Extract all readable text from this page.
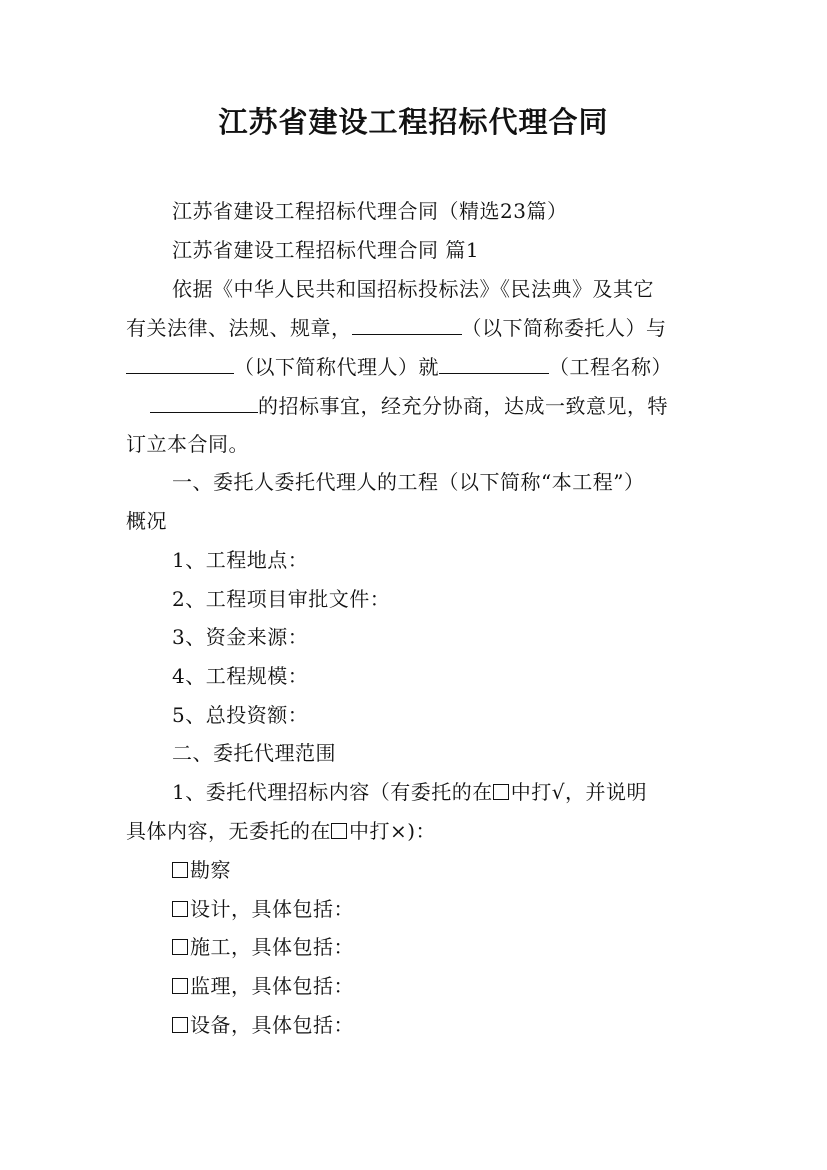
江苏省建设工程招标代理合同
江苏省建设工程招标代理合同（精选23篇）
江苏省建设工程招标代理合同 篇1
依据《中华人民共和国招标投标法》《民法典》及其它
有关法律、法规、规章，	（以下简称委托人）与
（以下简称代理人）就	（工程名称）
的招标事宜，经充分协商，达成一致意见，特
订立本合同。
一、委托人委托代理人的工程（以下简称“本工程”）
概况
1、工程地点：
2、工程项目审批文件：
3、资金来源：
4、工程规模：
5、总投资额：
二、委托代理范围
1、委托代理招标内容（有委托的在 中打√，并说明
具体内容，无委托的在 中打×)：
勘察
设计，具体包括：
施工，具体包括：
监理，具体包括：
设备，具体包括：
